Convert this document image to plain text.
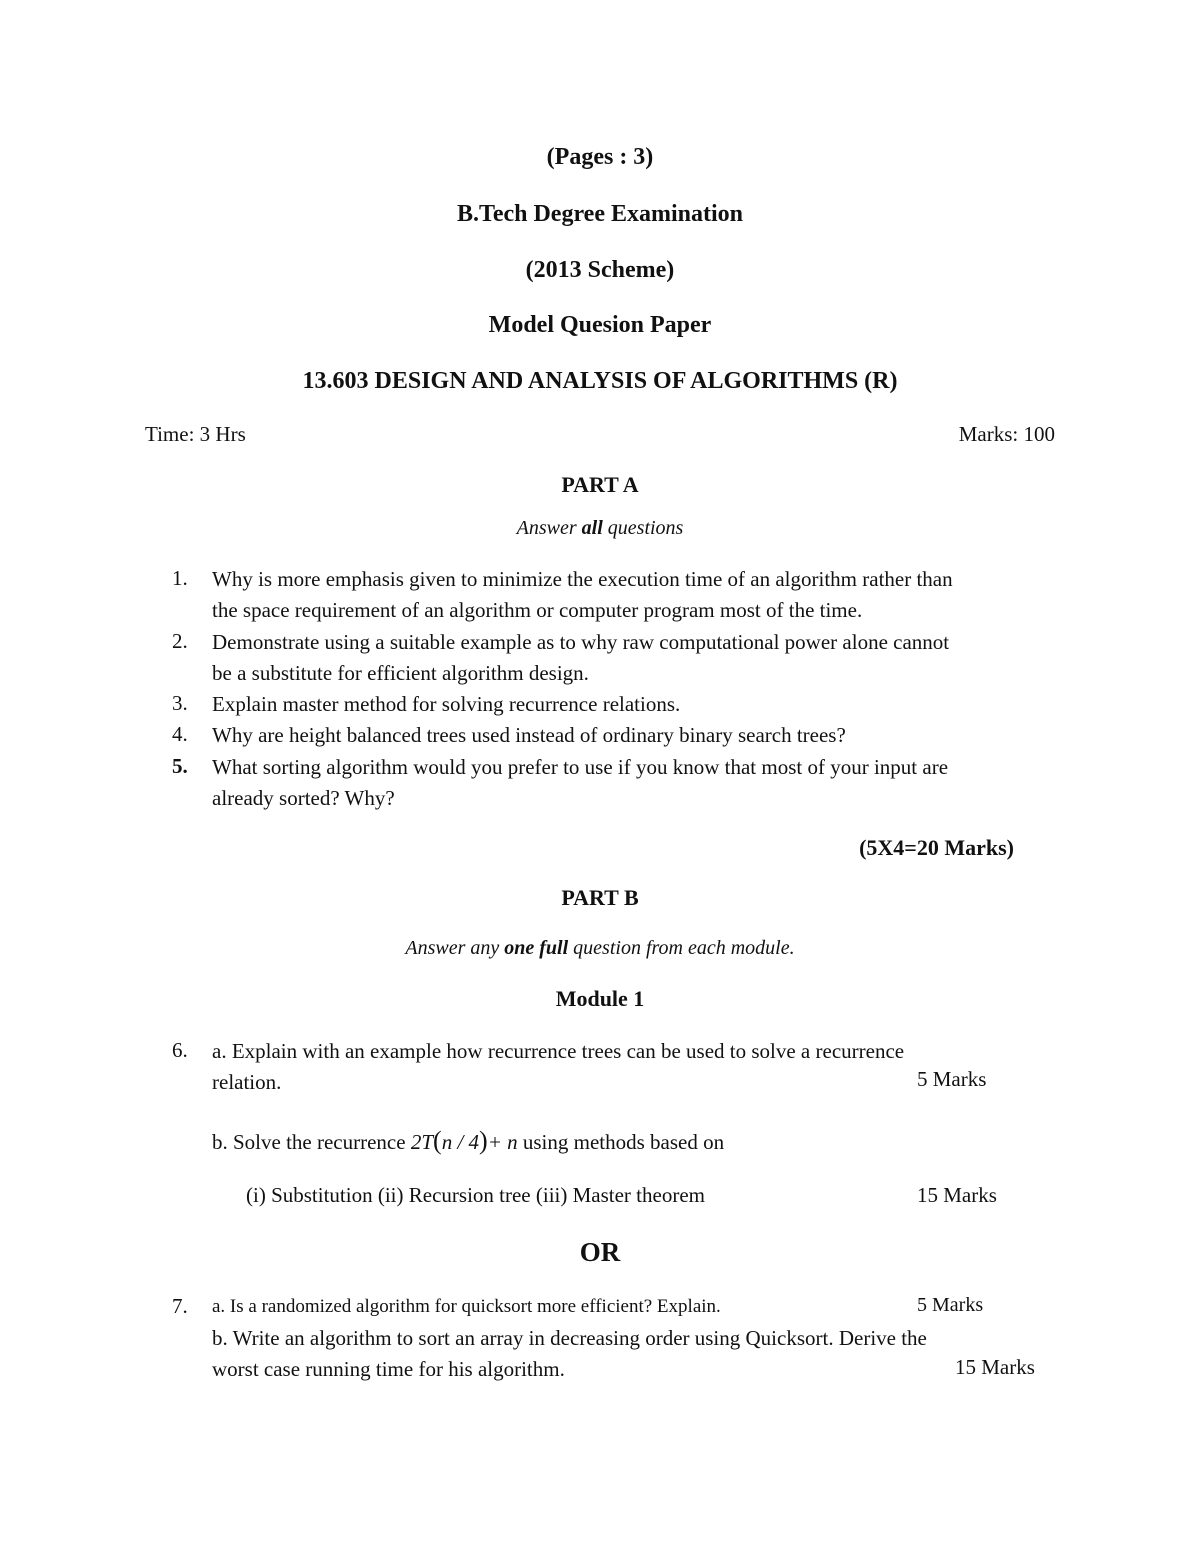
(Pages : 3)
B.Tech Degree Examination
(2013 Scheme)
Model Quesion Paper
13.603 DESIGN AND ANALYSIS OF ALGORITHMS (R)
Time: 3 Hrs	Marks: 100
PART A
Answer all questions
1. Why is more emphasis given to minimize the execution time of an algorithm rather than
the space requirement of an algorithm or computer program most of the time.
2. Demonstrate using a suitable example as to why raw computational power alone cannot
be a substitute for efficient algorithm design.
3. Explain master method for solving recurrence relations.
4. Why are height balanced trees used instead of ordinary binary search trees?
5. What sorting algorithm would you prefer to use if you know that most of your input are
already sorted? Why?
(5X4=20 Marks)
PART B
Answer any one full question from each module.
Module 1
6. a. Explain with an example how recurrence trees can be used to solve a recurrence
relation.	5 Marks
b. Solve the recurrence 2T(n / 4)+ n using methods based on
(i) Substitution (ii) Recursion tree (iii) Master theorem	15 Marks
OR
7. a. Is a randomized algorithm for quicksort more efficient? Explain.	5 Marks
b. Write an algorithm to sort an array in decreasing order using Quicksort. Derive the
worst case running time for his algorithm.	15 Marks
